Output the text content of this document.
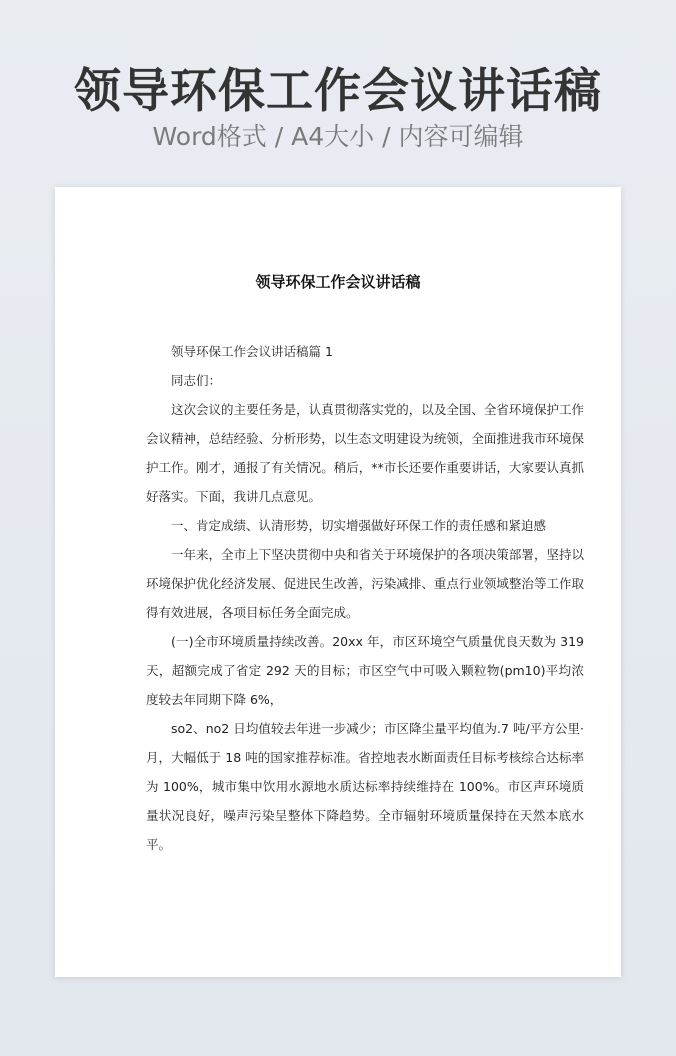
领导环保工作会议讲话稿
Word格式 / A4大小 / 内容可编辑
领导环保工作会议讲话稿

领导环保工作会议讲话稿篇 1

同志们：

这次会议的主要任务是，认真贯彻落实党的，以及全国、全省环境保护工作会议精神，总结经验、分析形势，以生态文明建设为统领，全面推进我市环境保护工作。刚才，通报了有关情况。稍后，**市长还要作重要讲话，大家要认真抓好落实。下面，我讲几点意见。

一、肯定成绩、认清形势，切实增强做好环保工作的责任感和紧迫感

一年来，全市上下坚决贯彻中央和省关于环境保护的各项决策部署，坚持以环境保护优化经济发展、促进民生改善，污染减排、重点行业领域整治等工作取得有效进展，各项目标任务全面完成。

(一)全市环境质量持续改善。20xx 年，市区环境空气质量优良天数为 319 天，超额完成了省定 292 天的目标；市区空气中可吸入颗粒物(pm10)平均浓度较去年同期下降 6%，

so2、no2 日均值较去年进一步减少；市区降尘量平均值为.7 吨/平方公里·月，大幅低于 18 吨的国家推荐标准。省控地表水断面责任目标考核综合达标率为 100%，城市集中饮用水源地水质达标率持续维持在 100%。市区声环境质量状况良好，噪声污染呈整体下降趋势。全市辐射环境质量保持在天然本底水平。
